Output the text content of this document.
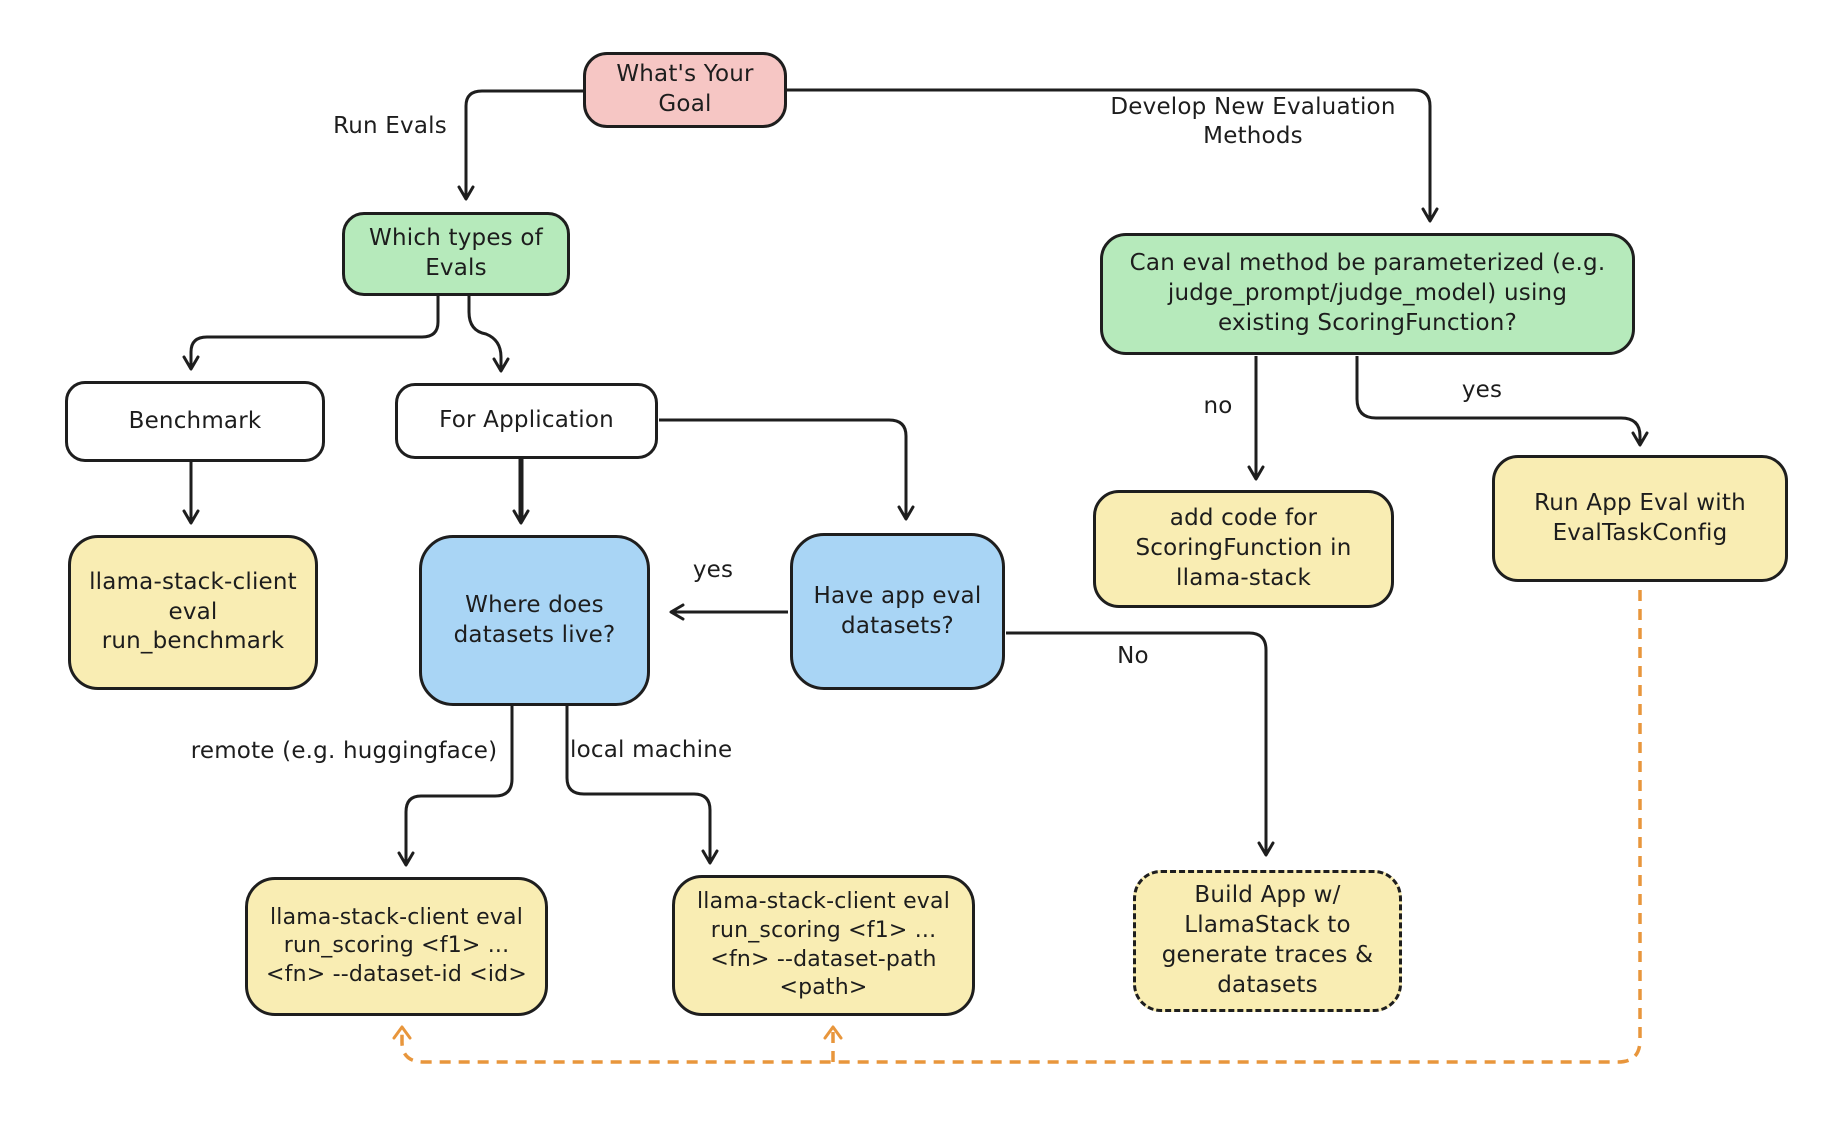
What's Your Goal
Which types of Evals	Can eval method be parameterized (e.g. judge_prompt/judge_model) using existing ScoringFunction?
Benchmark	For Application
llama-stack-client eval run_benchmark
Where does datasets live?
Have app eval datasets?
add code for ScoringFunction in llama-stack
Run App Eval with EvalTaskConfig
llama-stack-client eval run_scoring <f1> ... <fn> --dataset-id <id>
llama-stack-client eval run_scoring <f1> ... <fn> --dataset-path <path>
Build App w/ LlamaStack to generate traces & datasets
Run Evals
Develop New Evaluation Methods
yes
No
no
yes
remote (e.g. huggingface)	local machine
